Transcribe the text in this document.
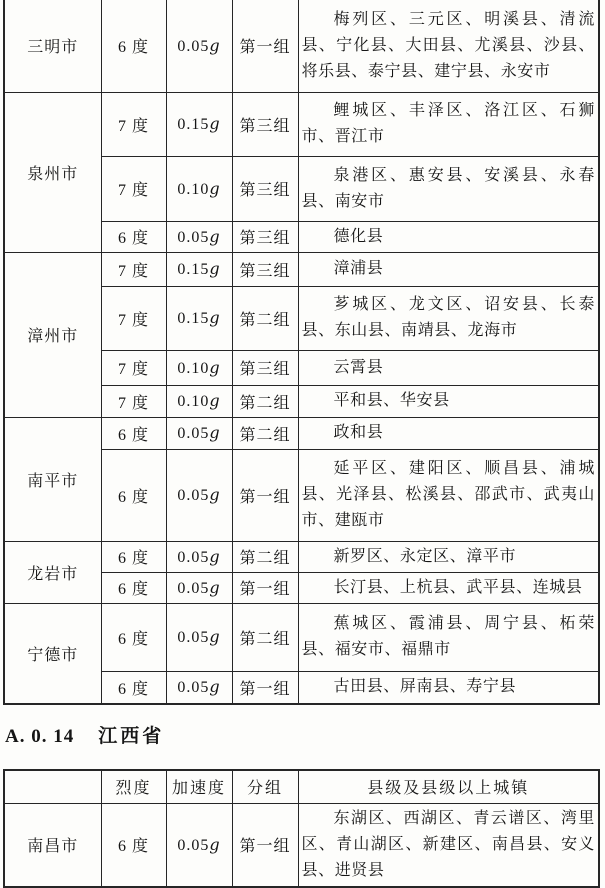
三明市	6 度	0.05g	第一组	梅列区、三元区、明溪县、清流县、宁化县、大田县、尤溪县、沙县、将乐县、泰宁县、建宁县、永安市
泉州市	7 度	0.15g	第三组	鲤城区、丰泽区、洛江区、石狮市、晋江市
	7 度	0.10g	第三组	泉港区、惠安县、安溪县、永春县、南安市
	6 度	0.05g	第三组	德化县
漳州市	7 度	0.15g	第三组	漳浦县
	7 度	0.15g	第二组	芗城区、龙文区、诏安县、长泰县、东山县、南靖县、龙海市
	7 度	0.10g	第三组	云霄县
	7 度	0.10g	第二组	平和县、华安县
南平市	6 度	0.05g	第二组	政和县
	6 度	0.05g	第一组	延平区、建阳区、顺昌县、浦城县、光泽县、松溪县、邵武市、武夷山市、建瓯市
龙岩市	6 度	0.05g	第二组	新罗区、永定区、漳平市
	6 度	0.05g	第一组	长汀县、上杭县、武平县、连城县
宁德市	6 度	0.05g	第二组	蕉城区、霞浦县、周宁县、柘荣县、福安市、福鼎市
	6 度	0.05g	第一组	古田县、屏南县、寿宁县
A. 0. 14 江西省
	烈度	加速度	分组	县级及县级以上城镇
南昌市	6 度	0.05g	第一组	东湖区、西湖区、青云谱区、湾里区、青山湖区、新建区、南昌县、安义县、进贤县
